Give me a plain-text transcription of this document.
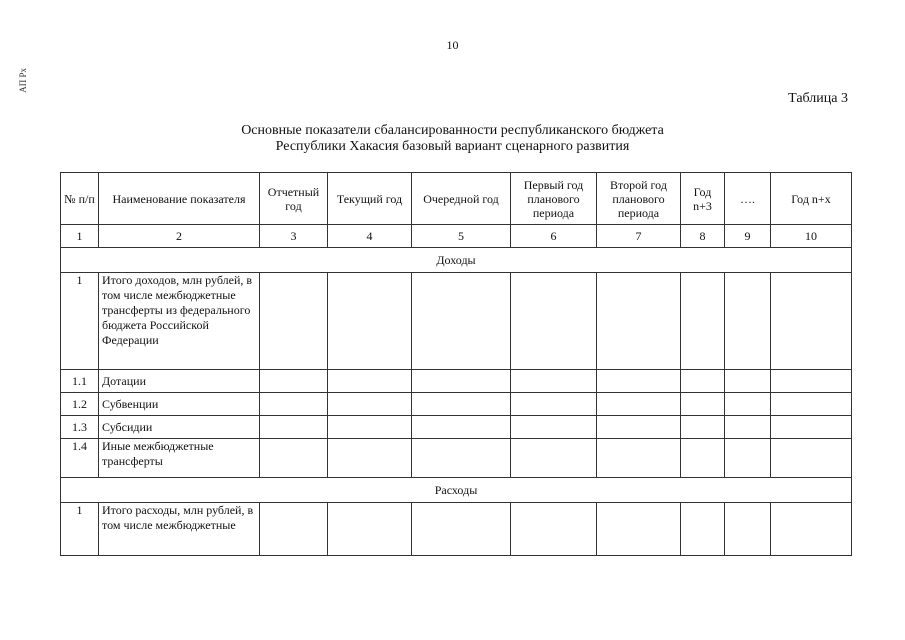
10
АП Рх
Таблица 3
Основные показатели сбалансированности республиканского бюджета
Республики Хакасия базовый вариант сценарного развития
№ п/п	Наименование показателя	Отчетный год	Текущий год	Очередной год	Первый год планового периода	Второй год планового периода	Год n+3	….	Год n+x
1	2	3	4	5	6	7	8	9	10
Доходы									
1	Итого доходов, млн рублей, в том числе межбюджетные трансферты из федерального бюджета Российской Федерации								
1.1	Дотации								
1.2	Субвенции								
1.3	Субсидии								
1.4	Иные межбюджетные трансферты								
Расходы									
1	Итого расходы, млн рублей, в том числе межбюджетные								
